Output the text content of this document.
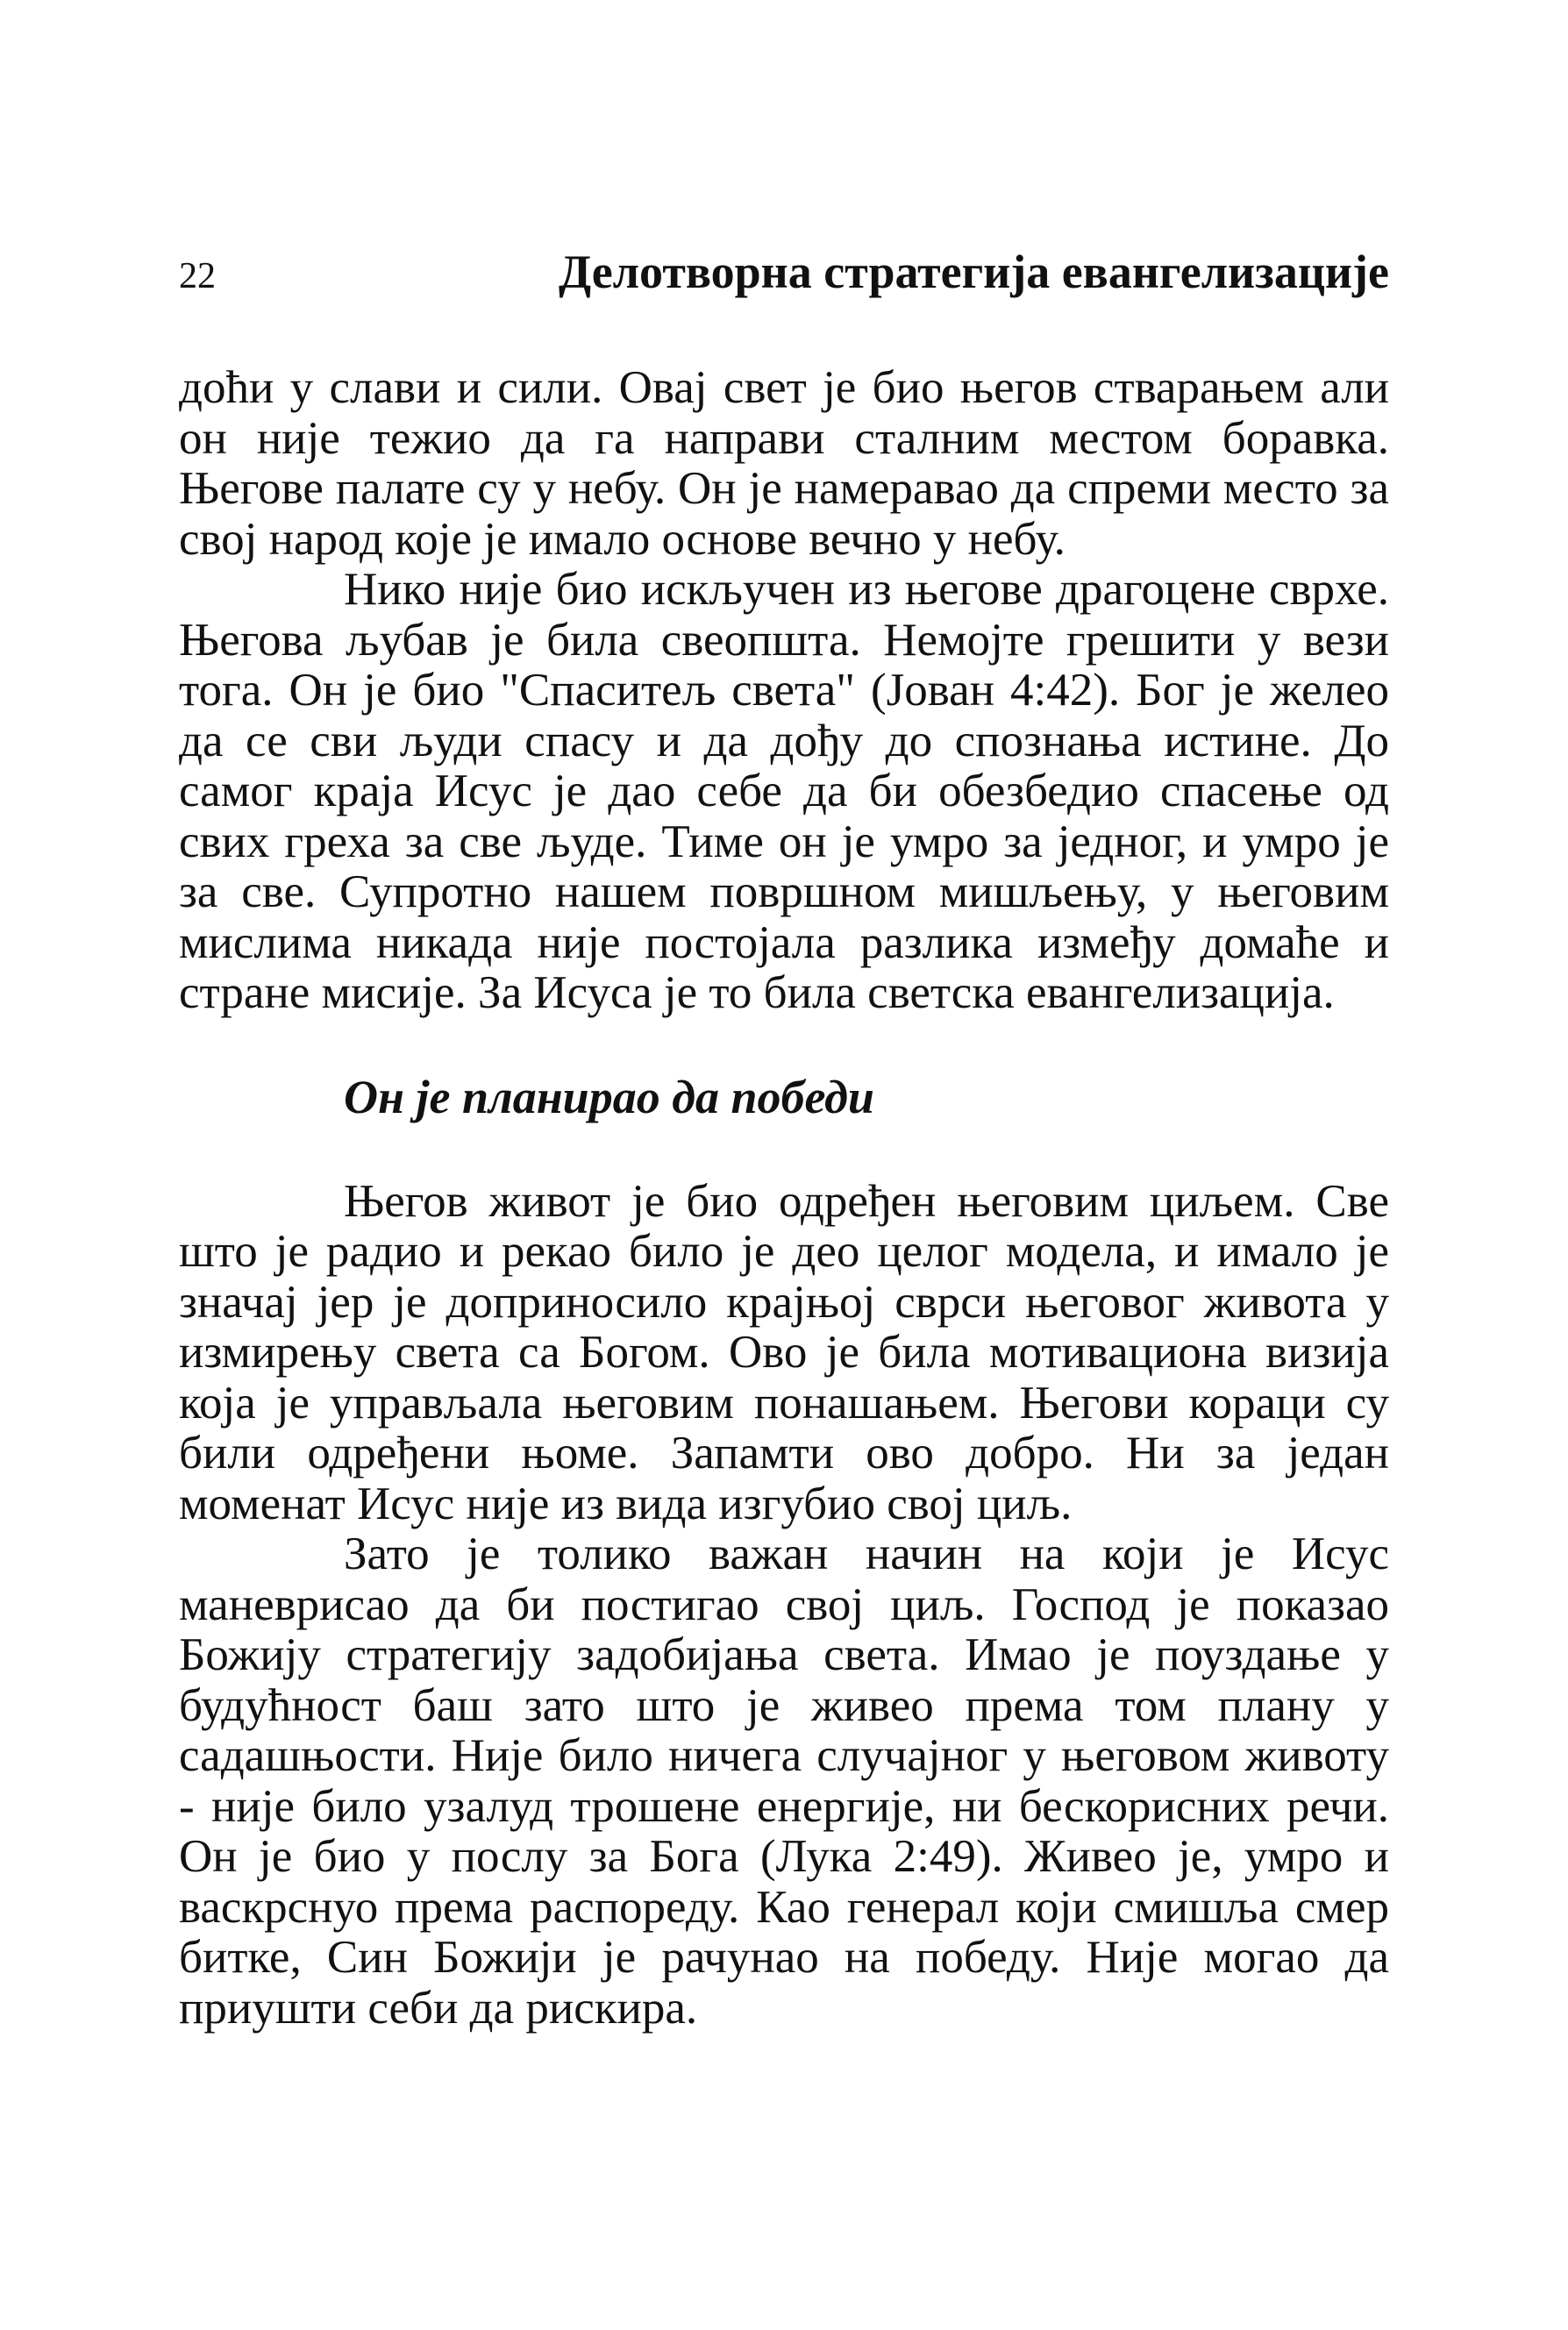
22	Делотворна стратегија евангелизације

доћи у слави и сили. Овај свет је био његов стварањем али он није тежио да га направи сталним местом боравка. Његове палате су у небу. Он је намеравао да спреми место за свој народ које је имало основе вечно у небу.

Нико није био искључен из његове драгоцене сврхе. Његова љубав је била свеопшта. Немојте грешити у вези тога. Он је био "Спаситељ света" (Јован 4:42). Бог је желео да се сви људи спасу и да дођу до спознања истине. До самог краја Исус је дао себе да би обезбедио спасење од свих греха за све људе. Тиме он је умро за једног, и умро је за све. Супротно нашем површном мишљењу, у његовим мислима никада није постојала разлика између домаће и стране мисије. За Исуса је то била светска евангелизација.

Он је планирао да победи

Његов живот је био одређен његовим циљем. Све што је радио и рекао било је део целог модела, и имало је значај јер је доприносило крајњој сврси његовог живота у измирењу света са Богом. Ово је била мотивациона визија која је управљала његовим понашањем. Његови кораци су били одређени њоме. Запамти ово добро. Ни за један моменат Исус није из вида изгубио свој циљ.

Зато је толико важан начин на који је Исус маневрисао да би постигао свој циљ. Господ је показао Божију стратегију задобијања света. Имао је поуздање у будућност баш зато што је живео према том плану у садашњости. Није било ничега случајног у његовом животу - није било узалуд трошене енергије, ни бескорисних речи. Он је био у послу за Бога (Лука 2:49). Живео је, умро и васкрснуо према распореду. Као генерал који смишља смер битке, Син Божији је рачунао на победу. Није могао да приушти себи да рискира.
